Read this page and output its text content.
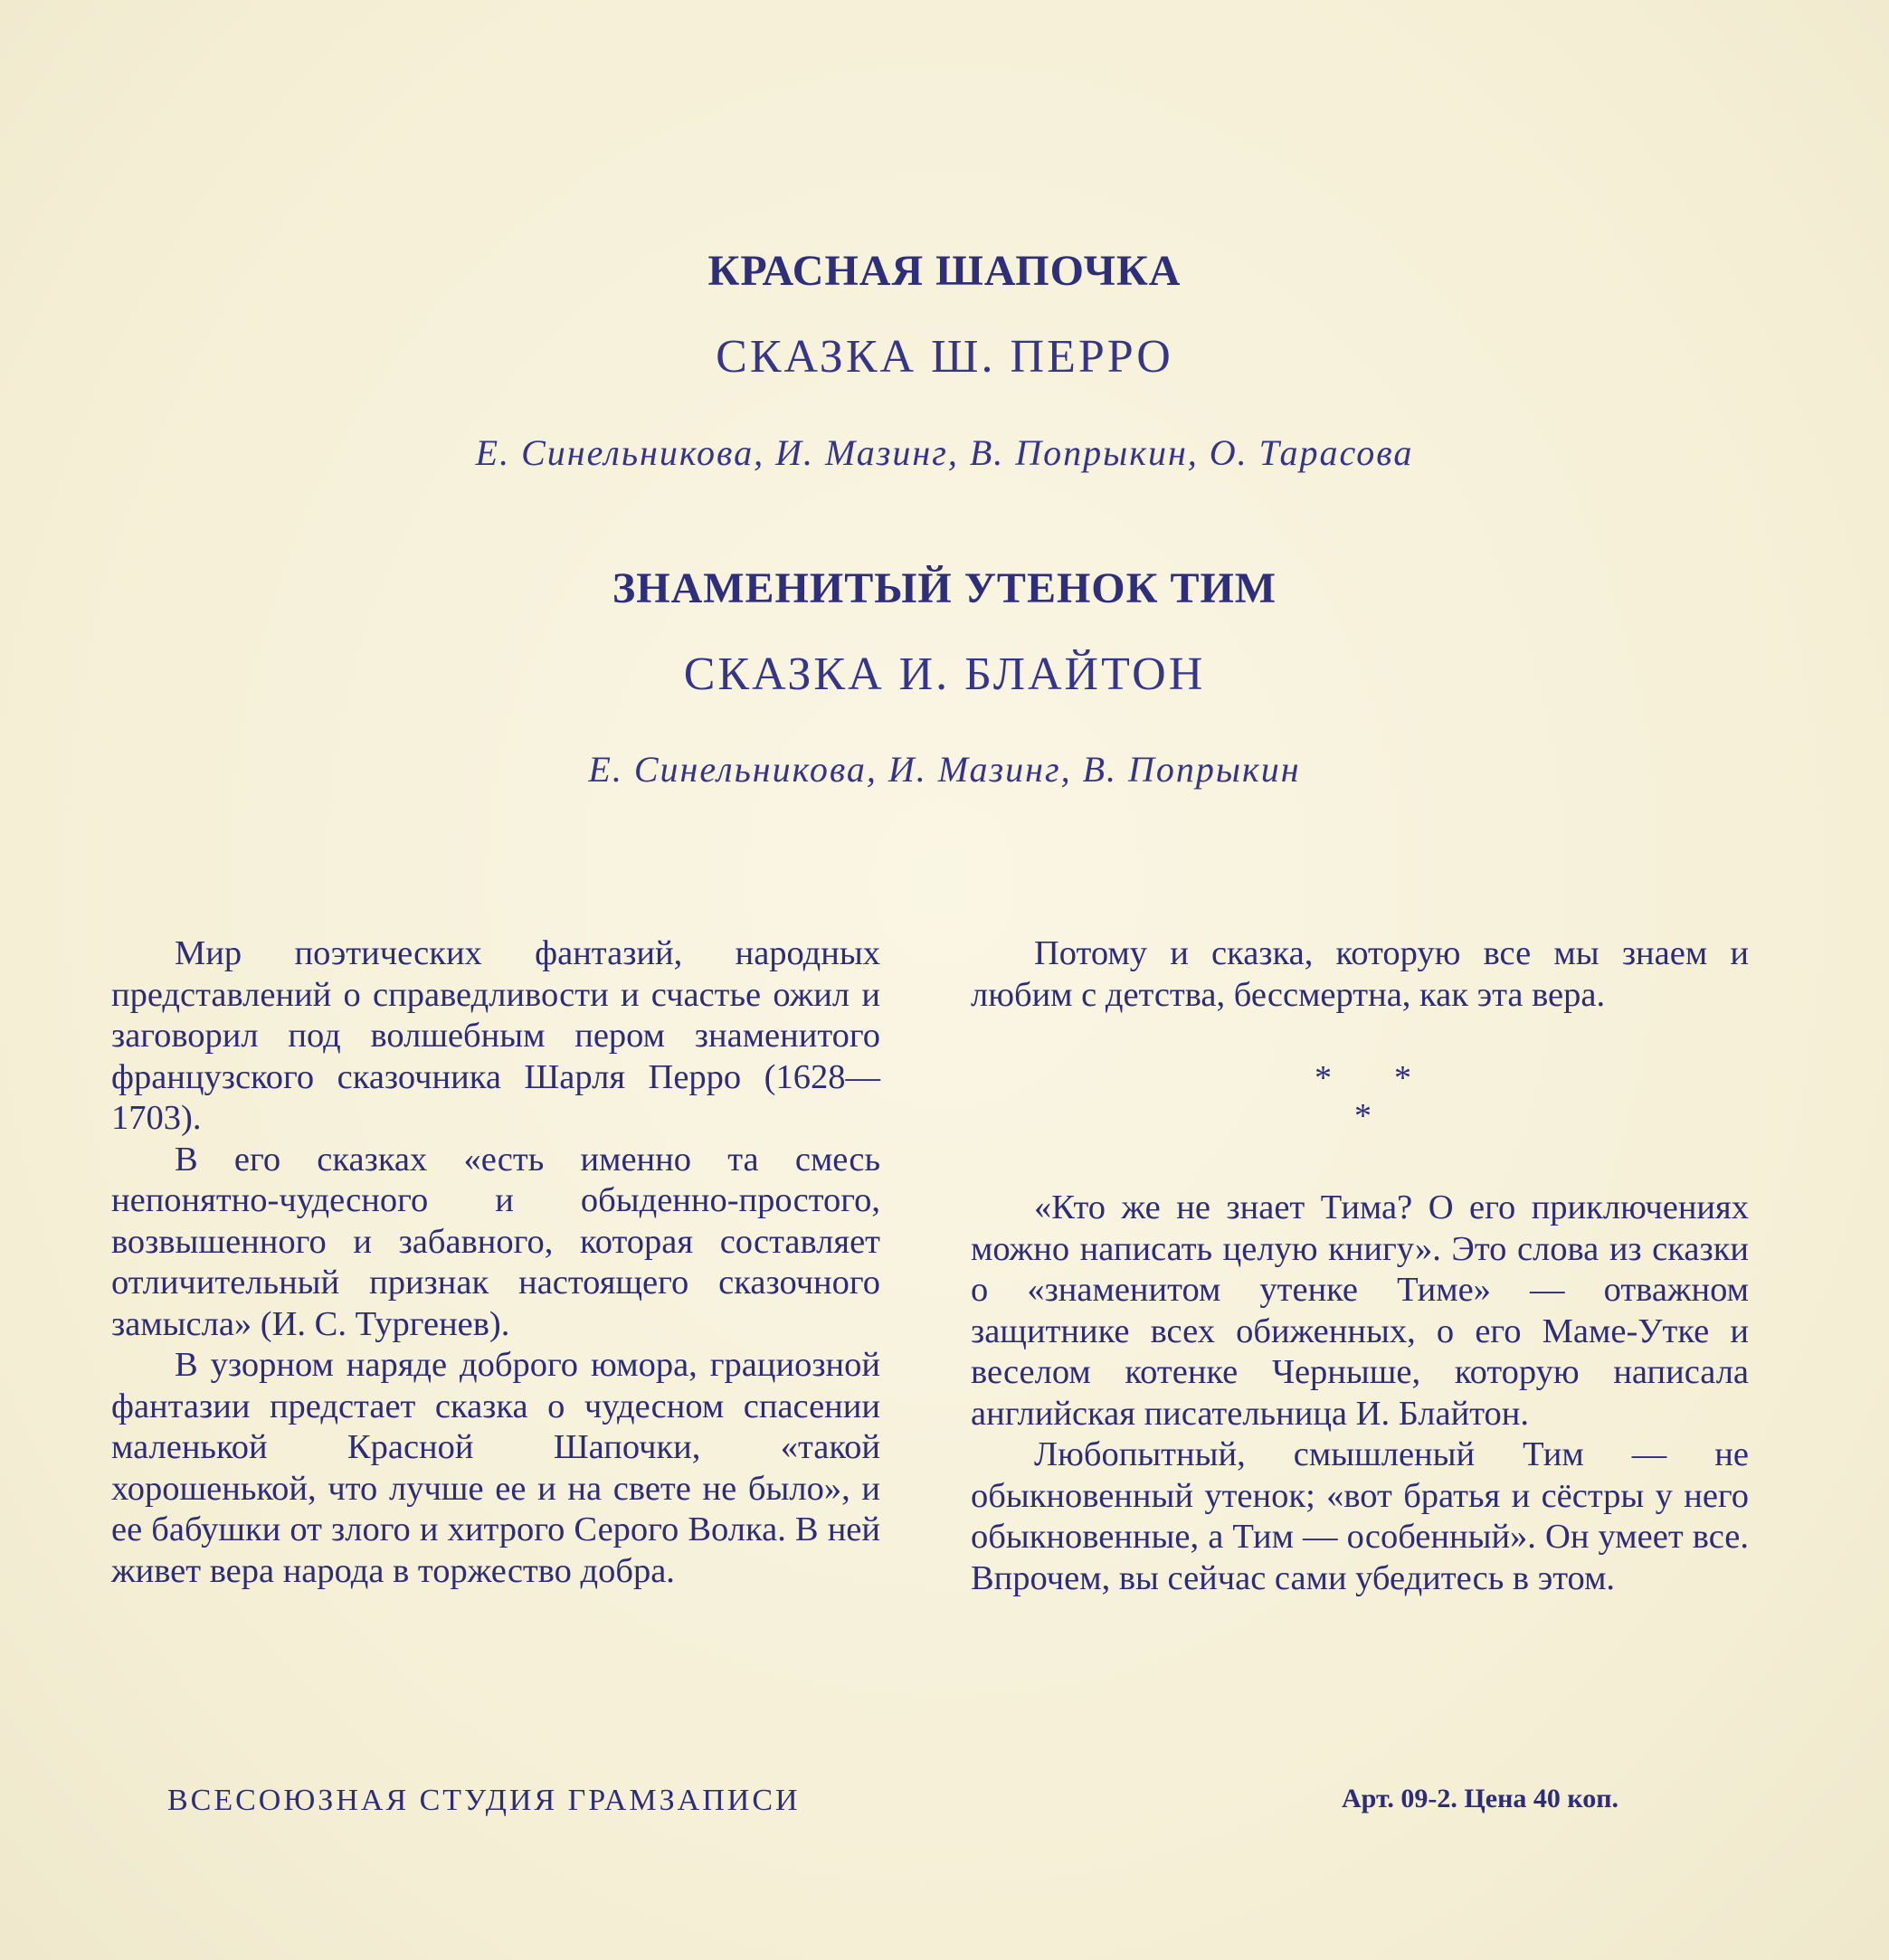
КРАСНАЯ ШАПОЧКА
СКАЗКА Ш. ПЕРРО
Е. Синельникова, И. Мазинг, В. Попрыкин, О. Тарасова
ЗНАМЕНИТЫЙ УТЕНОК ТИМ
СКАЗКА И. БЛАЙТОН
Е. Синельникова, И. Мазинг, В. Попрыкин

Мир поэтических фантазий, народных представлений о справедливости и счастье ожил и заговорил под волшебным пером знаменитого французского сказочника Шарля Перро (1628—1703).

В его сказках «есть именно та смесь непонятно-чудесного и обыденно-простого, возвышенного и забавного, которая составляет отличительный признак настоящего сказочного замысла» (И. С. Тургенев).

В узорном наряде доброго юмора, грациозной фантазии предстает сказка о чудесном спасении маленькой Красной Шапочки, «такой хорошенькой, что лучше ее и на свете не было», и ее бабушки от злого и хитрого Серого Волка. В ней живет вера народа в торжество добра.

Потому и сказка, которую все мы знаем и любим с детства, бессмертна, как эта вера.

* *
*

«Кто же не знает Тима? О его приключениях можно написать целую книгу». Это слова из сказки о «знаменитом утенке Тиме» — отважном защитнике всех обиженных, о его Маме-Утке и веселом котенке Черныше, которую написала английская писательница И. Блайтон.

Любопытный, смышленый Тим — не обыкновенный утенок; «вот братья и сёстры у него обыкновенные, а Тим — особенный». Он умеет все. Впрочем, вы сейчас сами убедитесь в этом.

ВСЕСОЮЗНАЯ СТУДИЯ ГРАМЗАПИСИ	Арт. 09-2. Цена 40 коп.
